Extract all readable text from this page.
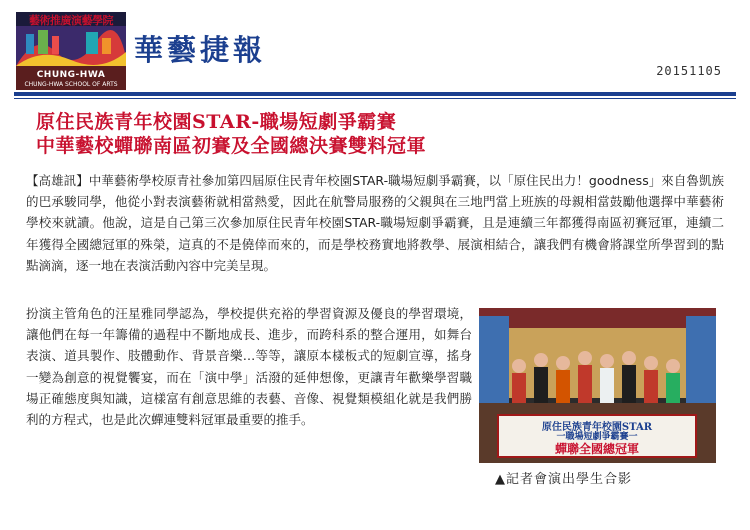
藝術推廣演藝學院
CHUNG-HWA
CHUNG-HWA SCHOOL OF ARTS
華藝捷報
20151105
原住民族青年校園STAR-職場短劇爭霸賽
中華藝校蟬聯南區初賽及全國總決賽雙料冠軍

【高雄訊】中華藝術學校原青社參加第四屆原住民青年校園STAR-職場短劇爭霸賽，以「原住民出力！goodness」來自魯凱族的巴承駿同學，他從小對表演藝術就相當熱愛，因此在航警局服務的父親與在三地門當上班族的母親相當鼓勵他選擇中華藝術學校來就讀。他說，這是自己第三次參加原住民青年校園STAR-職場短劇爭霸賽，且是連續三年都獲得南區初賽冠軍，連續二年獲得全國總冠軍的殊榮，這真的不是僥倖而來的，而是學校務實地將教學、展演相結合，讓我們有機會將課堂所學習到的點點滴滴，逐一地在表演活動內容中完美呈現。

扮演主管角色的汪星雅同學認為，學校提供充裕的學習資源及優良的學習環境，讓他們在每一年籌備的過程中不斷地成長、進步，而跨科系的整合運用，如舞台表演、道具製作、肢體動作、背景音樂…等等，讓原本樣板式的短劇宣導，搖身一變為創意的視覺饗宴，而在「演中學」活潑的延伸想像，更讓青年歡樂學習職場正確態度與知識，這樣富有創意思維的表藝、音像、視覺類模組化就是我們勝利的方程式，也是此次蟬連雙料冠軍最重要的推手。

原住民族青年校園STAR
一職場短劇爭霸賽一
蟬聯全國總冠軍
▲記者會演出學生合影
